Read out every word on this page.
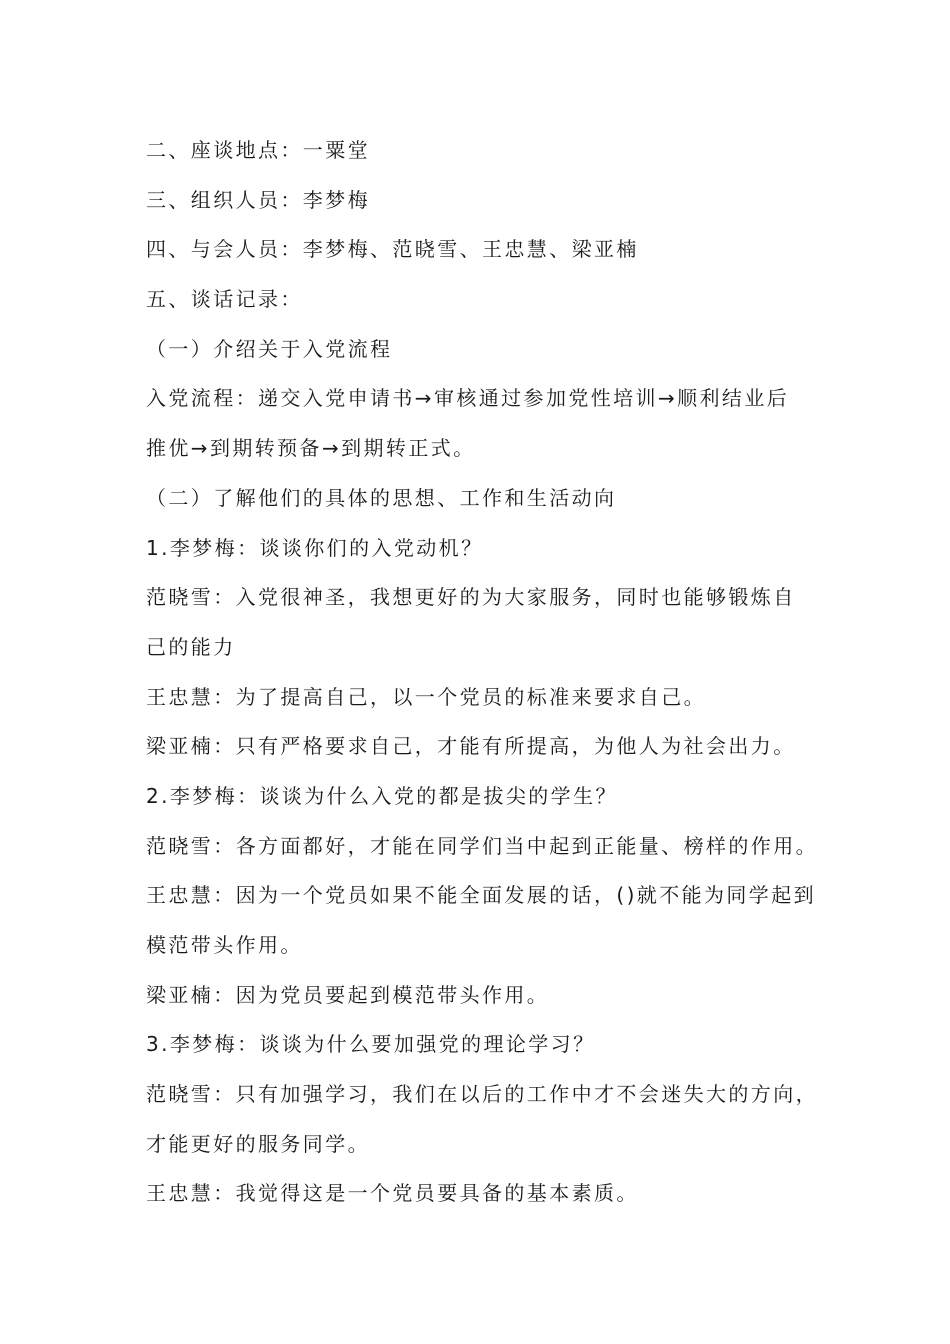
二、座谈地点：一粟堂
三、组织人员：李梦梅
四、与会人员：李梦梅、范晓雪、王忠慧、梁亚楠
五、谈话记录：
（一）介绍关于入党流程
入党流程：递交入党申请书→审核通过参加党性培训→顺利结业后
推优→到期转预备→到期转正式。
（二）了解他们的具体的思想、工作和生活动向
1.李梦梅：谈谈你们的入党动机？
范晓雪：入党很神圣，我想更好的为大家服务，同时也能够锻炼自
己的能力
王忠慧：为了提高自己，以一个党员的标准来要求自己。
梁亚楠：只有严格要求自己，才能有所提高，为他人为社会出力。
2.李梦梅：谈谈为什么入党的都是拔尖的学生？
范晓雪：各方面都好，才能在同学们当中起到正能量、榜样的作用。
王忠慧：因为一个党员如果不能全面发展的话，()就不能为同学起到
模范带头作用。
梁亚楠：因为党员要起到模范带头作用。
3.李梦梅：谈谈为什么要加强党的理论学习？
范晓雪：只有加强学习，我们在以后的工作中才不会迷失大的方向，
才能更好的服务同学。
王忠慧：我觉得这是一个党员要具备的基本素质。
